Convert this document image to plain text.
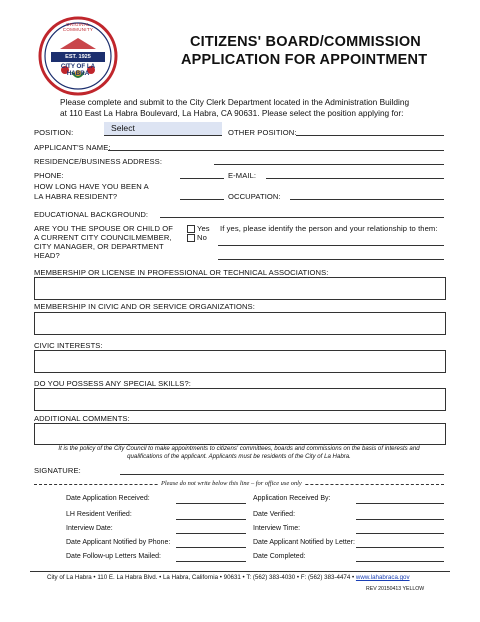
ORIGINAL COMMUNITY
EST. 1925
CITY OF LA HABRA
CITIZENS' BOARD/COMMISSION
APPLICATION FOR APPOINTMENT
Please complete and submit to the City Clerk Department located in the Administration Building
at 110 East La Habra Boulevard, La Habra, CA 90631. Please select the position applying for:
POSITION:	Select	OTHER POSITION:
APPLICANT'S NAME:
RESIDENCE/BUSINESS ADDRESS:
PHONE:	E-MAIL:
HOW LONG HAVE YOU BEEN A
LA HABRA RESIDENT?	OCCUPATION:
EDUCATIONAL BACKGROUND:
ARE YOU THE SPOUSE OR CHILD OF
A CURRENT CITY COUNCILMEMBER,
CITY MANAGER, OR DEPARTMENT
HEAD?
Yes
No
If yes, please identify the person and your relationship to them:
MEMBERSHIP OR LICENSE IN PROFESSIONAL OR TECHNICAL ASSOCIATIONS:
MEMBERSHIP IN CIVIC AND OR SERVICE ORGANIZATIONS:
CIVIC INTERESTS:
DO YOU POSSESS ANY SPECIAL SKILLS?:
ADDITIONAL COMMENTS:
It is the policy of the City Council to make appointments to citizens' committees, boards and commissions on the basis of interests and
qualifications of the applicant. Applicants must be residents of the City of La Habra.
SIGNATURE:
Please do not write below this line – for office use only
Date Application Received:	Application Received By:
LH Resident Verified:	Date Verified:
Interview Date:	Interview Time:
Date Applicant Notified by Phone:	Date Applicant Notified by Letter:
Date Follow-up Letters Mailed:	Date Completed:
City of La Habra • 110 E. La Habra Blvd. • La Habra, California • 90631 • T: (562) 383-4030 • F: (562) 383-4474 • www.lahabraca.gov
REV 20150413 YELLOW
